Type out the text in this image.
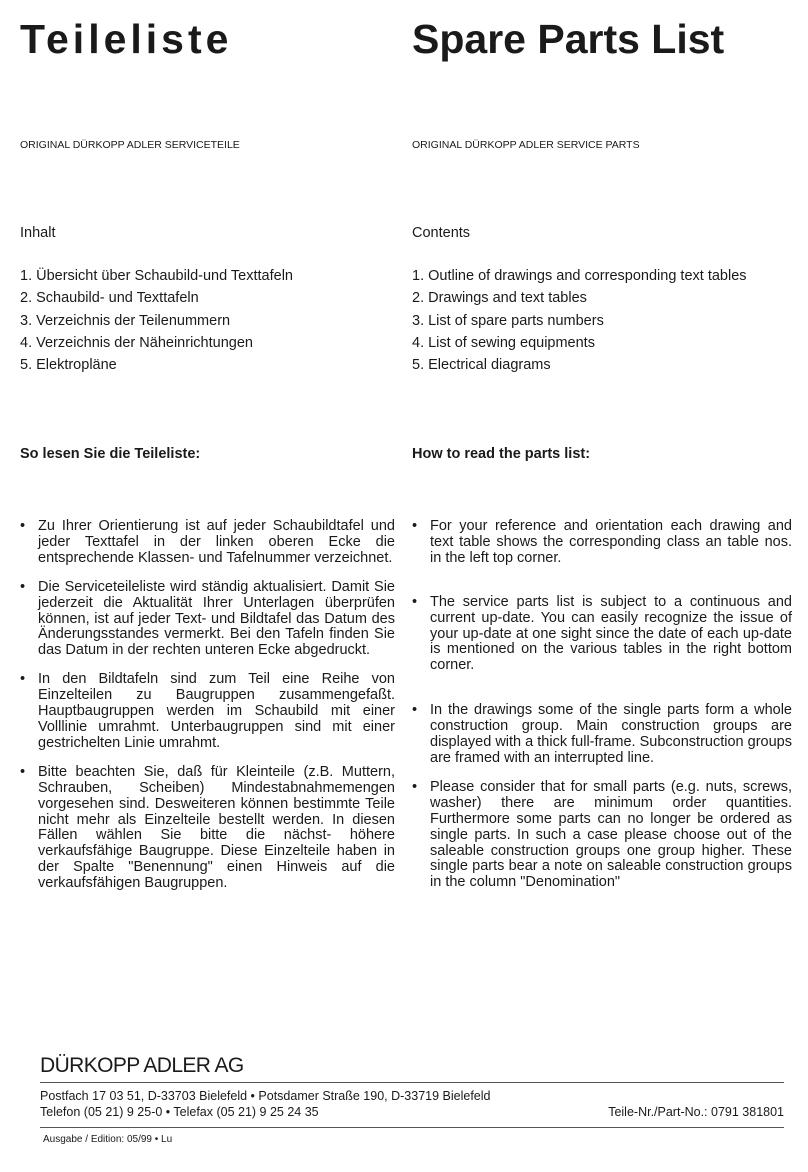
Teileliste	Spare Parts List

ORIGINAL DÜRKOPP ADLER SERVICETEILE	ORIGINAL DÜRKOPP ADLER SERVICE PARTS

Inhalt	Contents

1. Übersicht über Schaubild-und Texttafeln
2. Schaubild- und Texttafeln
3. Verzeichnis der Teilenummern
4. Verzeichnis der Näheinrichtungen
5. Elektropläne
1. Outline of drawings and corresponding text tables
2. Drawings and text tables
3. List of spare parts numbers
4. List of sewing equipments
5. Electrical diagrams

So lesen Sie die Teileliste:	How to read the parts list:

• Zu Ihrer Orientierung ist auf jeder Schaubildtafel und jeder Texttafel in der linken oberen Ecke die entsprechende Klassen- und Tafelnummer verzeichnet.
• Die Serviceteileliste wird ständig aktualisiert. Damit Sie jederzeit die Aktualität Ihrer Unterlagen überprüfen können, ist auf jeder Text- und Bildtafel das Datum des Änderungsstandes vermerkt. Bei den Tafeln finden Sie das Datum in der rechten unteren Ecke abgedruckt.
• In den Bildtafeln sind zum Teil eine Reihe von Einzelteilen zu Baugruppen zusammengefaßt. Hauptbaugruppen werden im Schaubild mit einer Volllinie umrahmt. Unterbaugruppen sind mit einer gestrichelten Linie umrahmt.
• Bitte beachten Sie, daß für Kleinteile (z.B. Muttern, Schrauben, Scheiben) Mindestabnahmemengen vorgesehen sind. Desweiteren können bestimmte Teile nicht mehr als Einzelteile bestellt werden. In diesen Fällen wählen Sie bitte die nächst- höhere verkaufsfähige Baugruppe. Diese Einzelteile haben in der Spalte "Benennung" einen Hinweis auf die verkaufsfähigen Baugruppen.
• For your reference and orientation each drawing and text table shows the corresponding class an table nos. in the left top corner.
• The service parts list is subject to a continuous and current up-date. You can easily recognize the issue of your up-date at one sight since the date of each up-date is mentioned on the various tables in the right bottom corner.
• In the drawings some of the single parts form a whole construction group. Main construction groups are displayed with a thick full-frame. Subconstruction groups are framed with an interrupted line.
• Please consider that for small parts (e.g. nuts, screws, washer) there are minimum order quantities. Furthermore some parts can no longer be ordered as single parts. In such a case please choose out of the saleable construction groups one group higher. These single parts bear a note on saleable construction groups in the column "Denomination"
DÜRKOPP ADLER AG
Postfach 17 03 51, D-33703 Bielefeld • Potsdamer Straße 190, D-33719 Bielefeld
Telefon (05 21) 9 25-0 • Telefax (05 21) 9 25 24 35	Teile-Nr./Part-No.: 0791 381801
Ausgabe / Edition: 05/99 • Lu
